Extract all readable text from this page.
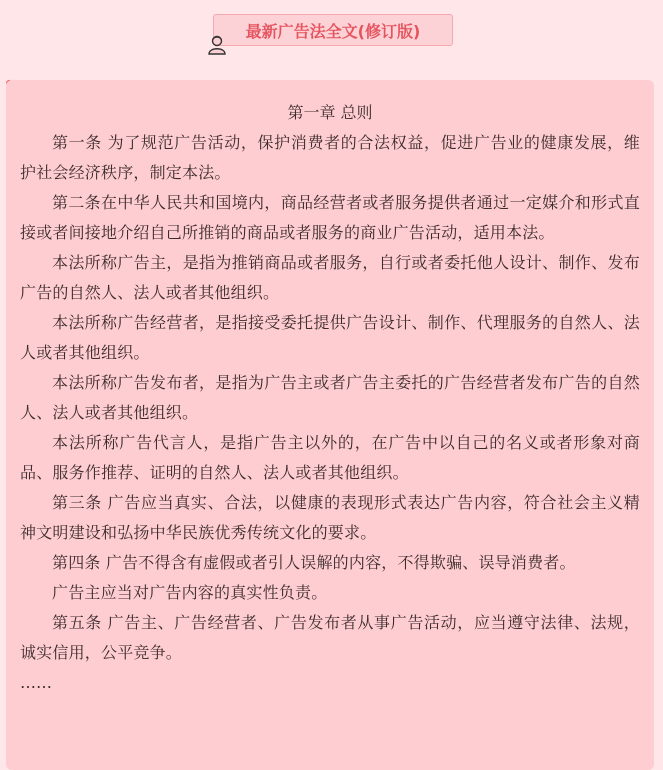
最新广告法全文(修订版)

第一章 总则

第一条 为了规范广告活动，保护消费者的合法权益，促进广告业的健康发展，维护社会经济秩序，制定本法。

第二条在中华人民共和国境内，商品经营者或者服务提供者通过一定媒介和形式直接或者间接地介绍自己所推销的商品或者服务的商业广告活动，适用本法。

本法所称广告主，是指为推销商品或者服务，自行或者委托他人设计、制作、发布广告的自然人、法人或者其他组织。

本法所称广告经营者，是指接受委托提供广告设计、制作、代理服务的自然人、法人或者其他组织。

本法所称广告发布者，是指为广告主或者广告主委托的广告经营者发布广告的自然人、法人或者其他组织。

本法所称广告代言人，是指广告主以外的，在广告中以自己的名义或者形象对商品、服务作推荐、证明的自然人、法人或者其他组织。

第三条 广告应当真实、合法，以健康的表现形式表达广告内容，符合社会主义精神文明建设和弘扬中华民族优秀传统文化的要求。

第四条 广告不得含有虚假或者引人误解的内容，不得欺骗、误导消费者。

广告主应当对广告内容的真实性负责。

第五条 广告主、广告经营者、广告发布者从事广告活动，应当遵守法律、法规，诚实信用，公平竞争。

……
